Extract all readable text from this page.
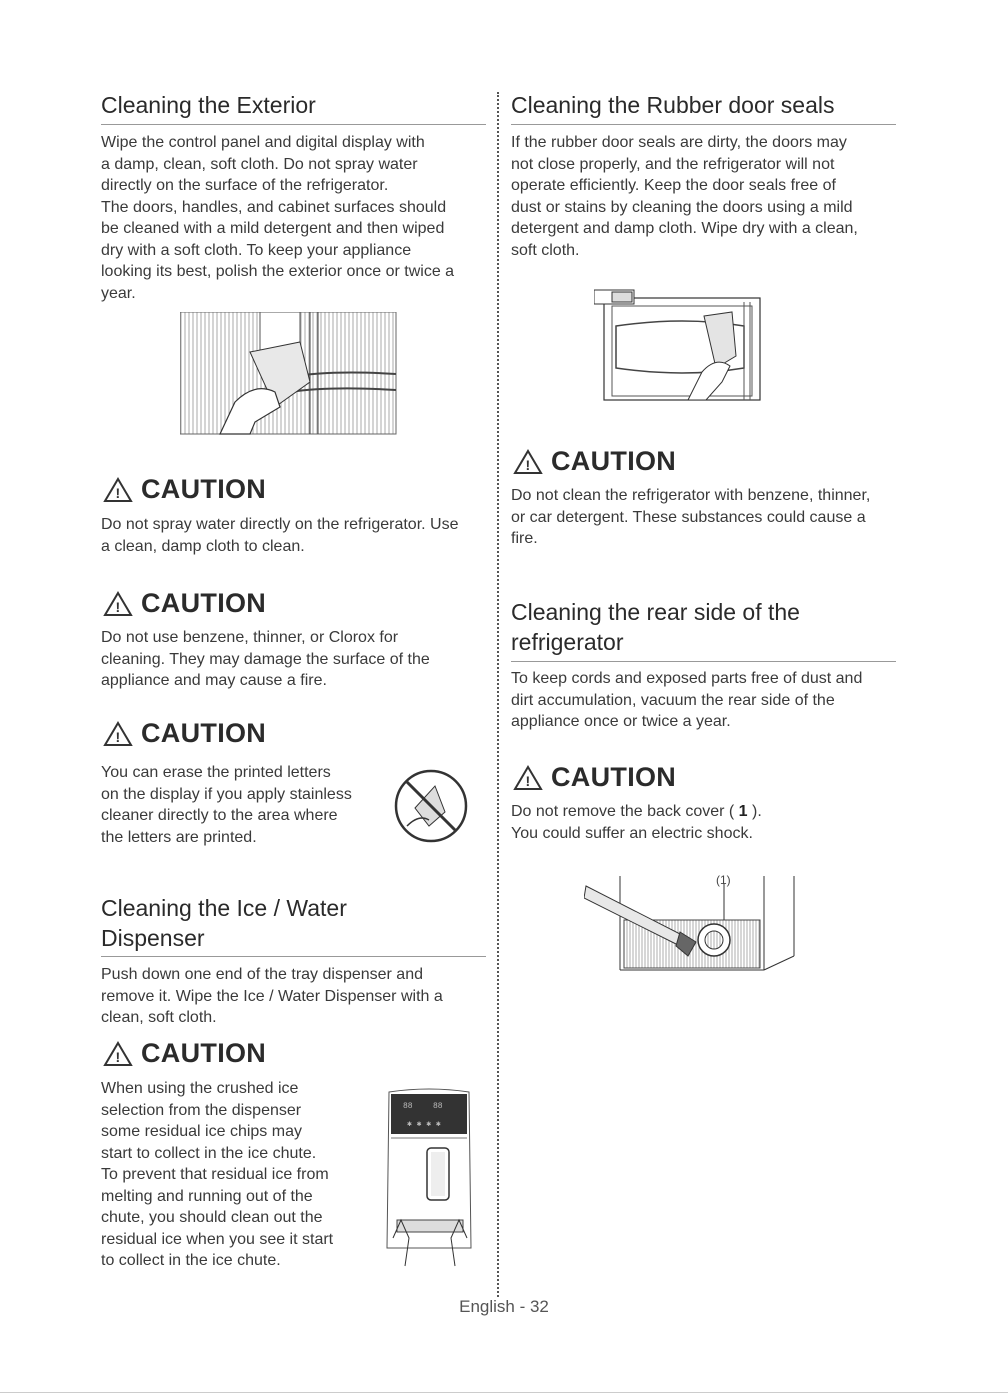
Cleaning the Exterior
Wipe the control panel and digital display with
a damp, clean, soft cloth. Do not spray water
directly on the surface of the refrigerator.
The doors, handles, and cabinet surfaces should
be cleaned with a mild detergent and then wiped
dry with a soft cloth. To keep your appliance
looking its best, polish the exterior once or twice a
year.
! CAUTION
Do not spray water directly on the refrigerator. Use
a clean, damp cloth to clean.
! CAUTION
Do not use benzene, thinner, or Clorox for
cleaning. They may damage the surface of the
appliance and may cause a fire.
! CAUTION
You can erase the printed letters
on the display if you apply stainless
cleaner directly to the area where
the letters are printed.
Cleaning the Ice / Water
Dispenser
Push down one end of the tray dispenser and
remove it. Wipe the Ice / Water Dispenser with a
clean, soft cloth.
! CAUTION
When using the crushed ice
selection from the dispenser
some residual ice chips may
start to collect in the ice chute.
To prevent that residual ice from
melting and running out of the
chute, you should clean out the
residual ice when you see it start
to collect in the ice chute.
88	88
✱ ✱ ✱ ✱
Cleaning the Rubber door seals
If the rubber door seals are dirty, the doors may
not close properly, and the refrigerator will not
operate efficiently. Keep the door seals free of
dust or stains by cleaning the doors using a mild
detergent and damp cloth. Wipe dry with a clean,
soft cloth.
! CAUTION
Do not clean the refrigerator with benzene, thinner,
or car detergent. These substances could cause a
fire.
Cleaning the rear side of the
refrigerator
To keep cords and exposed parts free of dust and
dirt accumulation, vacuum the rear side of the
appliance once or twice a year.
! CAUTION
Do not remove the back cover ( 1 ).
You could suffer an electric shock.
(1)
English - 32
